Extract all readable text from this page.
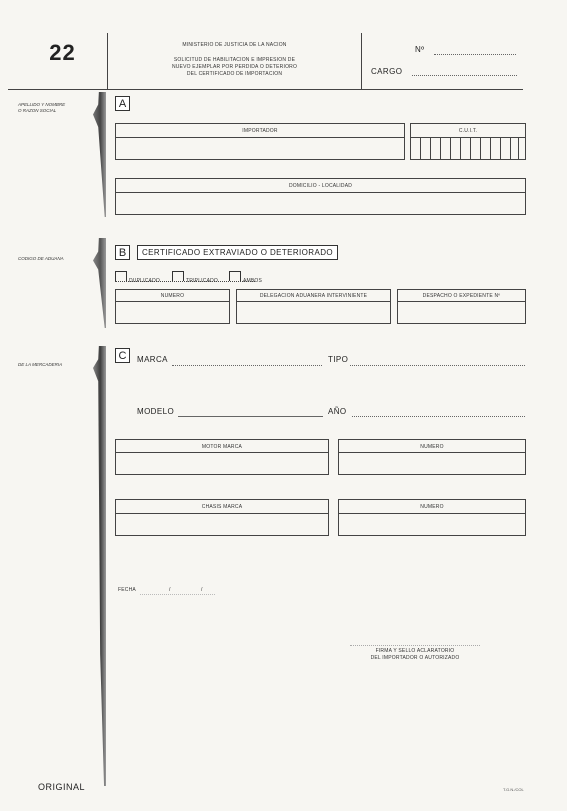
22	MINISTERIO DE JUSTICIA DE LA NACION
SOLICITUD DE HABILITACION E IMPRESION DE
NUEVO EJEMPLAR POR PERDIDA O DETERIORO
DEL CERTIFICADO DE IMPORTACION
Nº
CARGO
APELLIDO Y NOMBRE
O RAZON SOCIAL
CODIGO DE ADUANA
DE LA MERCADERIA
A
IMPORTADOR	C.U.I.T.
DOMICILIO - LOCALIDAD
B	CERTIFICADO EXTRAVIADO O DETERIORADO
DUPLICADO	TRIPLICADO	AMBOS
NUMERO	DELEGACION ADUANERA INTERVINIENTE	DESPACHO O EXPEDIENTE Nº
C	MARCA	TIPO
MODELO	AÑO
MOTOR MARCA	NUMERO
CHASIS MARCA	NUMERO
FECHA	/	/
FIRMA Y SELLO ACLARATORIO
DEL IMPORTADOR O AUTORIZADO
ORIGINAL	T.G.N./COL
